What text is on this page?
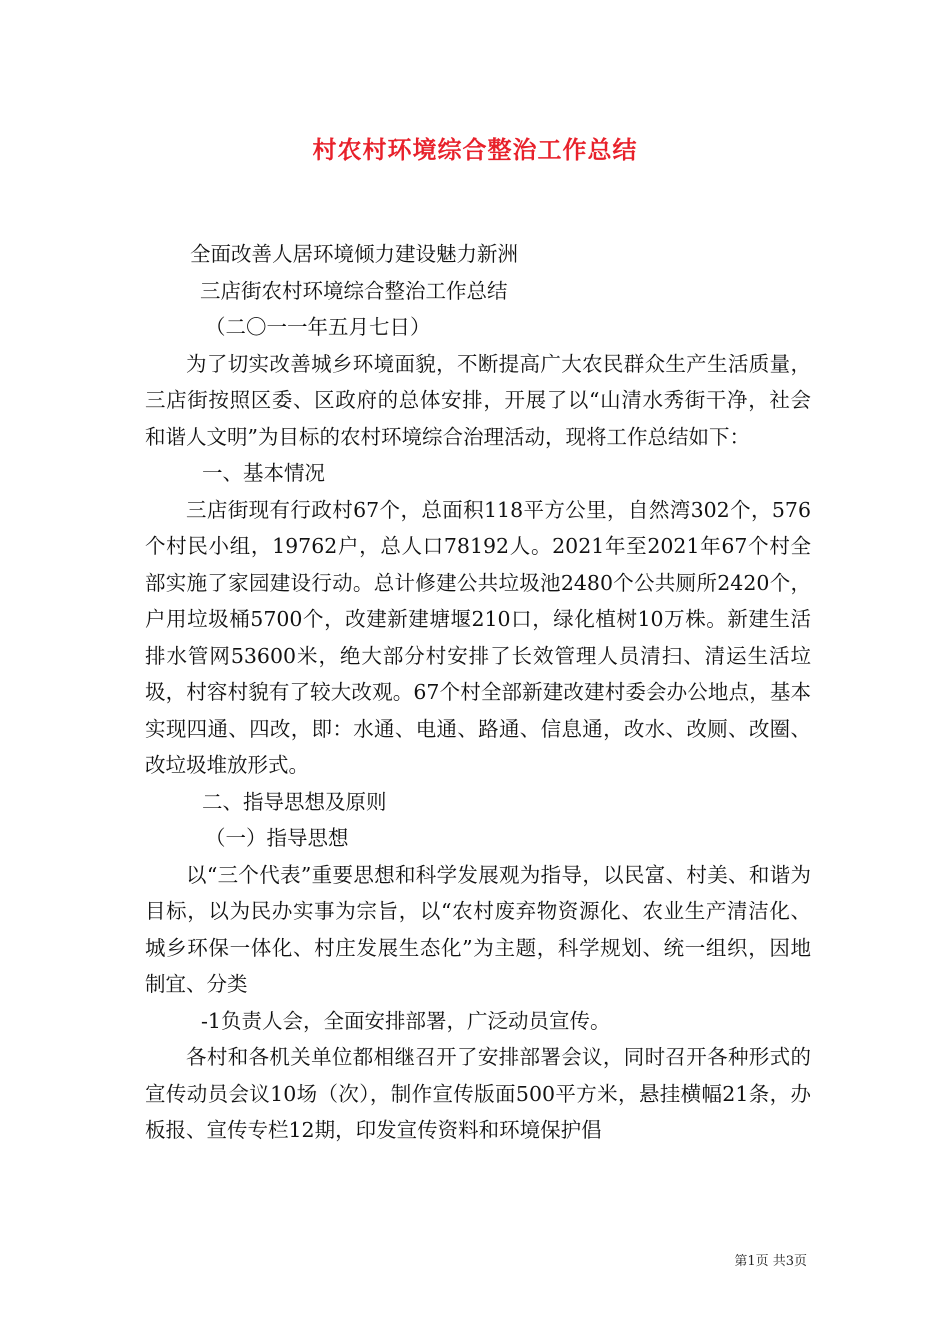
村农村环境综合整治工作总结

全面改善人居环境倾力建设魅力新洲

三店街农村环境综合整治工作总结

（二〇一一年五月七日）

为了切实改善城乡环境面貌，不断提高广大农民群众生产生活质量，三店街按照区委、区政府的总体安排，开展了以“山清水秀街干净，社会和谐人文明”为目标的农村环境综合治理活动，现将工作总结如下：

一、基本情况

三店街现有行政村67个，总面积118平方公里，自然湾302个，576个村民小组，19762户，总人口78192人。2021年至2021年67个村全部实施了家园建设行动。总计修建公共垃圾池2480个公共厕所2420个，户用垃圾桶5700个，改建新建塘堰210口，绿化植树10万株。新建生活排水管网53600米，绝大部分村安排了长效管理人员清扫、清运生活垃圾，村容村貌有了较大改观。67个村全部新建改建村委会办公地点，基本实现四通、四改，即：水通、电通、路通、信息通，改水、改厕、改圈、改垃圾堆放形式。

二、指导思想及原则

（一）指导思想

以“三个代表”重要思想和科学发展观为指导，以民富、村美、和谐为目标，以为民办实事为宗旨，以“农村废弃物资源化、农业生产清洁化、城乡环保一体化、村庄发展生态化”为主题，科学规划、统一组织，因地制宜、分类

-1负责人会，全面安排部署，广泛动员宣传。

各村和各机关单位都相继召开了安排部署会议，同时召开各种形式的宣传动员会议10场（次），制作宣传版面500平方米，悬挂横幅21条，办板报、宣传专栏12期，印发宣传资料和环境保护倡

第1页 共3页
